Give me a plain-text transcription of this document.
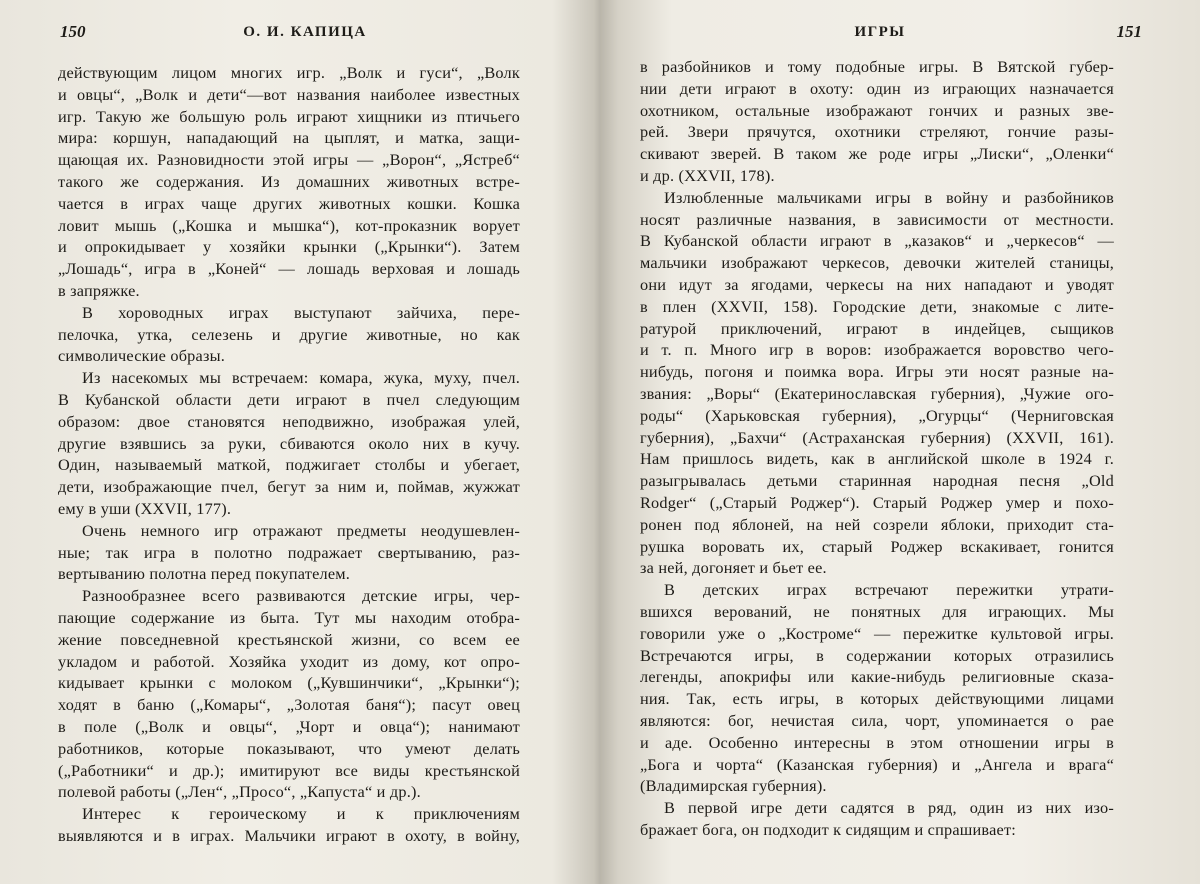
150	О. И. КАПИЦА
действующим лицом многих игр. „Волк и гуси“, „Волк
и овцы“, „Волк и дети“—вот названия наиболее известных
игр. Такую же большую роль играют хищники из птичьего
мира: коршун, нападающий на цыплят, и матка, защи-
щающая их. Разновидности этой игры — „Ворон“, „Ястреб“
такого же содержания. Из домашних животных встре-
чается в играх чаще других животных кошки. Кошка
ловит мышь („Кошка и мышка“), кот-проказник ворует
и опрокидывает у хозяйки крынки („Крынки“). Затем
„Лошадь“, игра в „Коней“ — лошадь верховая и лошадь
в запряжке.
В хороводных играх выступают зайчиха, пере-
пелочка, утка, селезень и другие животные, но как
символические образы.
Из насекомых мы встречаем: комара, жука, муху, пчел.
В Кубанской области дети играют в пчел следующим
образом: двое становятся неподвижно, изображая улей,
другие взявшись за руки, сбиваются около них в кучу.
Один, называемый маткой, поджигает столбы и убегает,
дети, изображающие пчел, бегут за ним и, поймав, жужжат
ему в уши (XXVII, 177).
Очень немного игр отражают предметы неодушевлен-
ные; так игра в полотно подражает свертыванию, раз-
вертыванию полотна перед покупателем.
Разнообразнее всего развиваются детские игры, чер-
пающие содержание из быта. Тут мы находим отобра-
жение повседневной крестьянской жизни, со всем ее
укладом и работой. Хозяйка уходит из дому, кот опро-
кидывает крынки с молоком („Кувшинчики“, „Крынки“);
ходят в баню („Комары“, „Золотая баня“); пасут овец
в поле („Волк и овцы“, „Чорт и овца“); нанимают
работников, которые показывают, что умеют делать
(„Работники“ и др.); имитируют все виды крестьянской
полевой работы („Лен“, „Просо“, „Капуста“ и др.).
Интерес к героическому и к приключениям
выявляются и в играх. Мальчики играют в охоту, в войну,
151
ИГРЫ
в разбойников и тому подобные игры. В Вятской губер-
нии дети играют в охоту: один из играющих назначается
охотником, остальные изображают гончих и разных зве-
рей. Звери прячутся, охотники стреляют, гончие разы-
скивают зверей. В таком же роде игры „Лиски“, „Оленки“
и др. (XXVII, 178).
Излюбленные мальчиками игры в войну и разбойников
носят различные названия, в зависимости от местности.
В Кубанской области играют в „казаков“ и „черкесов“ —
мальчики изображают черкесов, девочки жителей станицы,
они идут за ягодами, черкесы на них нападают и уводят
в плен (XXVII, 158). Городские дети, знакомые с лите-
ратурой приключений, играют в индейцев, сыщиков
и т. п. Много игр в воров: изображается воровство чего-
нибудь, погоня и поимка вора. Игры эти носят разные на-
звания: „Воры“ (Екатеринославская губерния), „Чужие ого-
роды“ (Харьковская губерния), „Огурцы“ (Черниговская
губерния), „Бахчи“ (Астраханская губерния) (XXVII, 161).
Нам пришлось видеть, как в английской школе в 1924 г.
разыгрывалась детьми старинная народная песня „Old
Rodger“ („Старый Роджер“). Старый Роджер умер и похо-
ронен под яблоней, на ней созрели яблоки, приходит ста-
рушка воровать их, старый Роджер вскакивает, гонится
за ней, догоняет и бьет ее.
В детских играх встречают пережитки утрати-
вшихся верований, не понятных для играющих. Мы
говорили уже о „Костроме“ — пережитке культовой игры.
Встречаются игры, в содержании которых отразились
легенды, апокрифы или какие-нибудь религиовные сказа-
ния. Так, есть игры, в которых действующими лицами
являются: бог, нечистая сила, чорт, упоминается о рае
и аде. Особенно интересны в этом отношении игры в
„Бога и чорта“ (Казанская губерния) и „Ангела и врага“
(Владимирская губерния).
В первой игре дети садятся в ряд, один из них изо-
бражает бога, он подходит к сидящим и спрашивает:
